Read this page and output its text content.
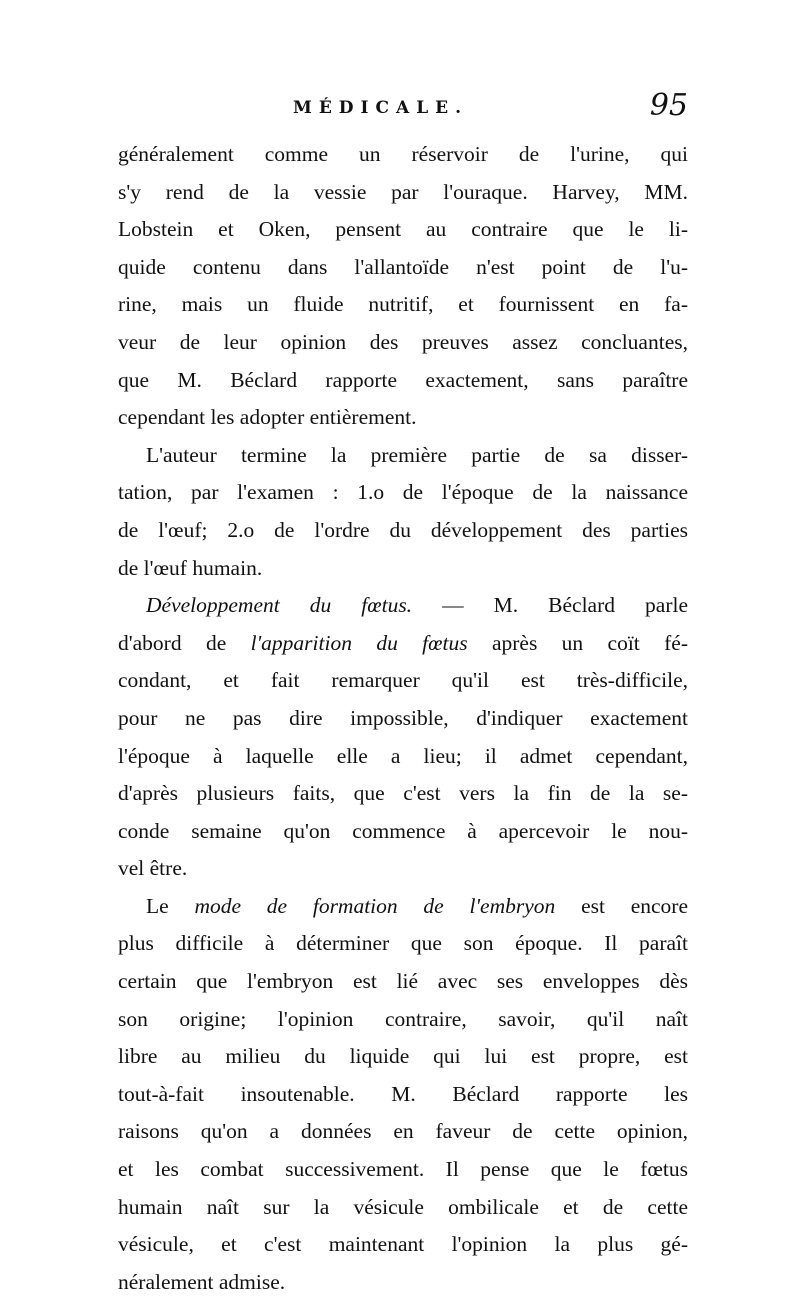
MÉDICALE.	95
généralement comme un réservoir de l'urine, qui
s'y rend de la vessie par l'ouraque. Harvey, MM.
Lobstein et Oken, pensent au contraire que le li-
quide contenu dans l'allantoïde n'est point de l'u-
rine, mais un fluide nutritif, et fournissent en fa-
veur de leur opinion des preuves assez concluantes,
que M. Béclard rapporte exactement, sans paraître
cependant les adopter entièrement.
L'auteur termine la première partie de sa disser-
tation, par l'examen : 1.o de l'époque de la naissance
de l'œuf; 2.o de l'ordre du développement des parties
de l'œuf humain.
Développement du fœtus. — M. Béclard parle
d'abord de l'apparition du fœtus après un coït fé-
condant, et fait remarquer qu'il est très-difficile,
pour ne pas dire impossible, d'indiquer exactement
l'époque à laquelle elle a lieu; il admet cependant,
d'après plusieurs faits, que c'est vers la fin de la se-
conde semaine qu'on commence à apercevoir le nou-
vel être.
Le mode de formation de l'embryon est encore
plus difficile à déterminer que son époque. Il paraît
certain que l'embryon est lié avec ses enveloppes dès
son origine; l'opinion contraire, savoir, qu'il naît
libre au milieu du liquide qui lui est propre, est
tout-à-fait insoutenable. M. Béclard rapporte les
raisons qu'on a données en faveur de cette opinion,
et les combat successivement. Il pense que le fœtus
humain naît sur la vésicule ombilicale et de cette
vésicule, et c'est maintenant l'opinion la plus gé-
néralement admise.
